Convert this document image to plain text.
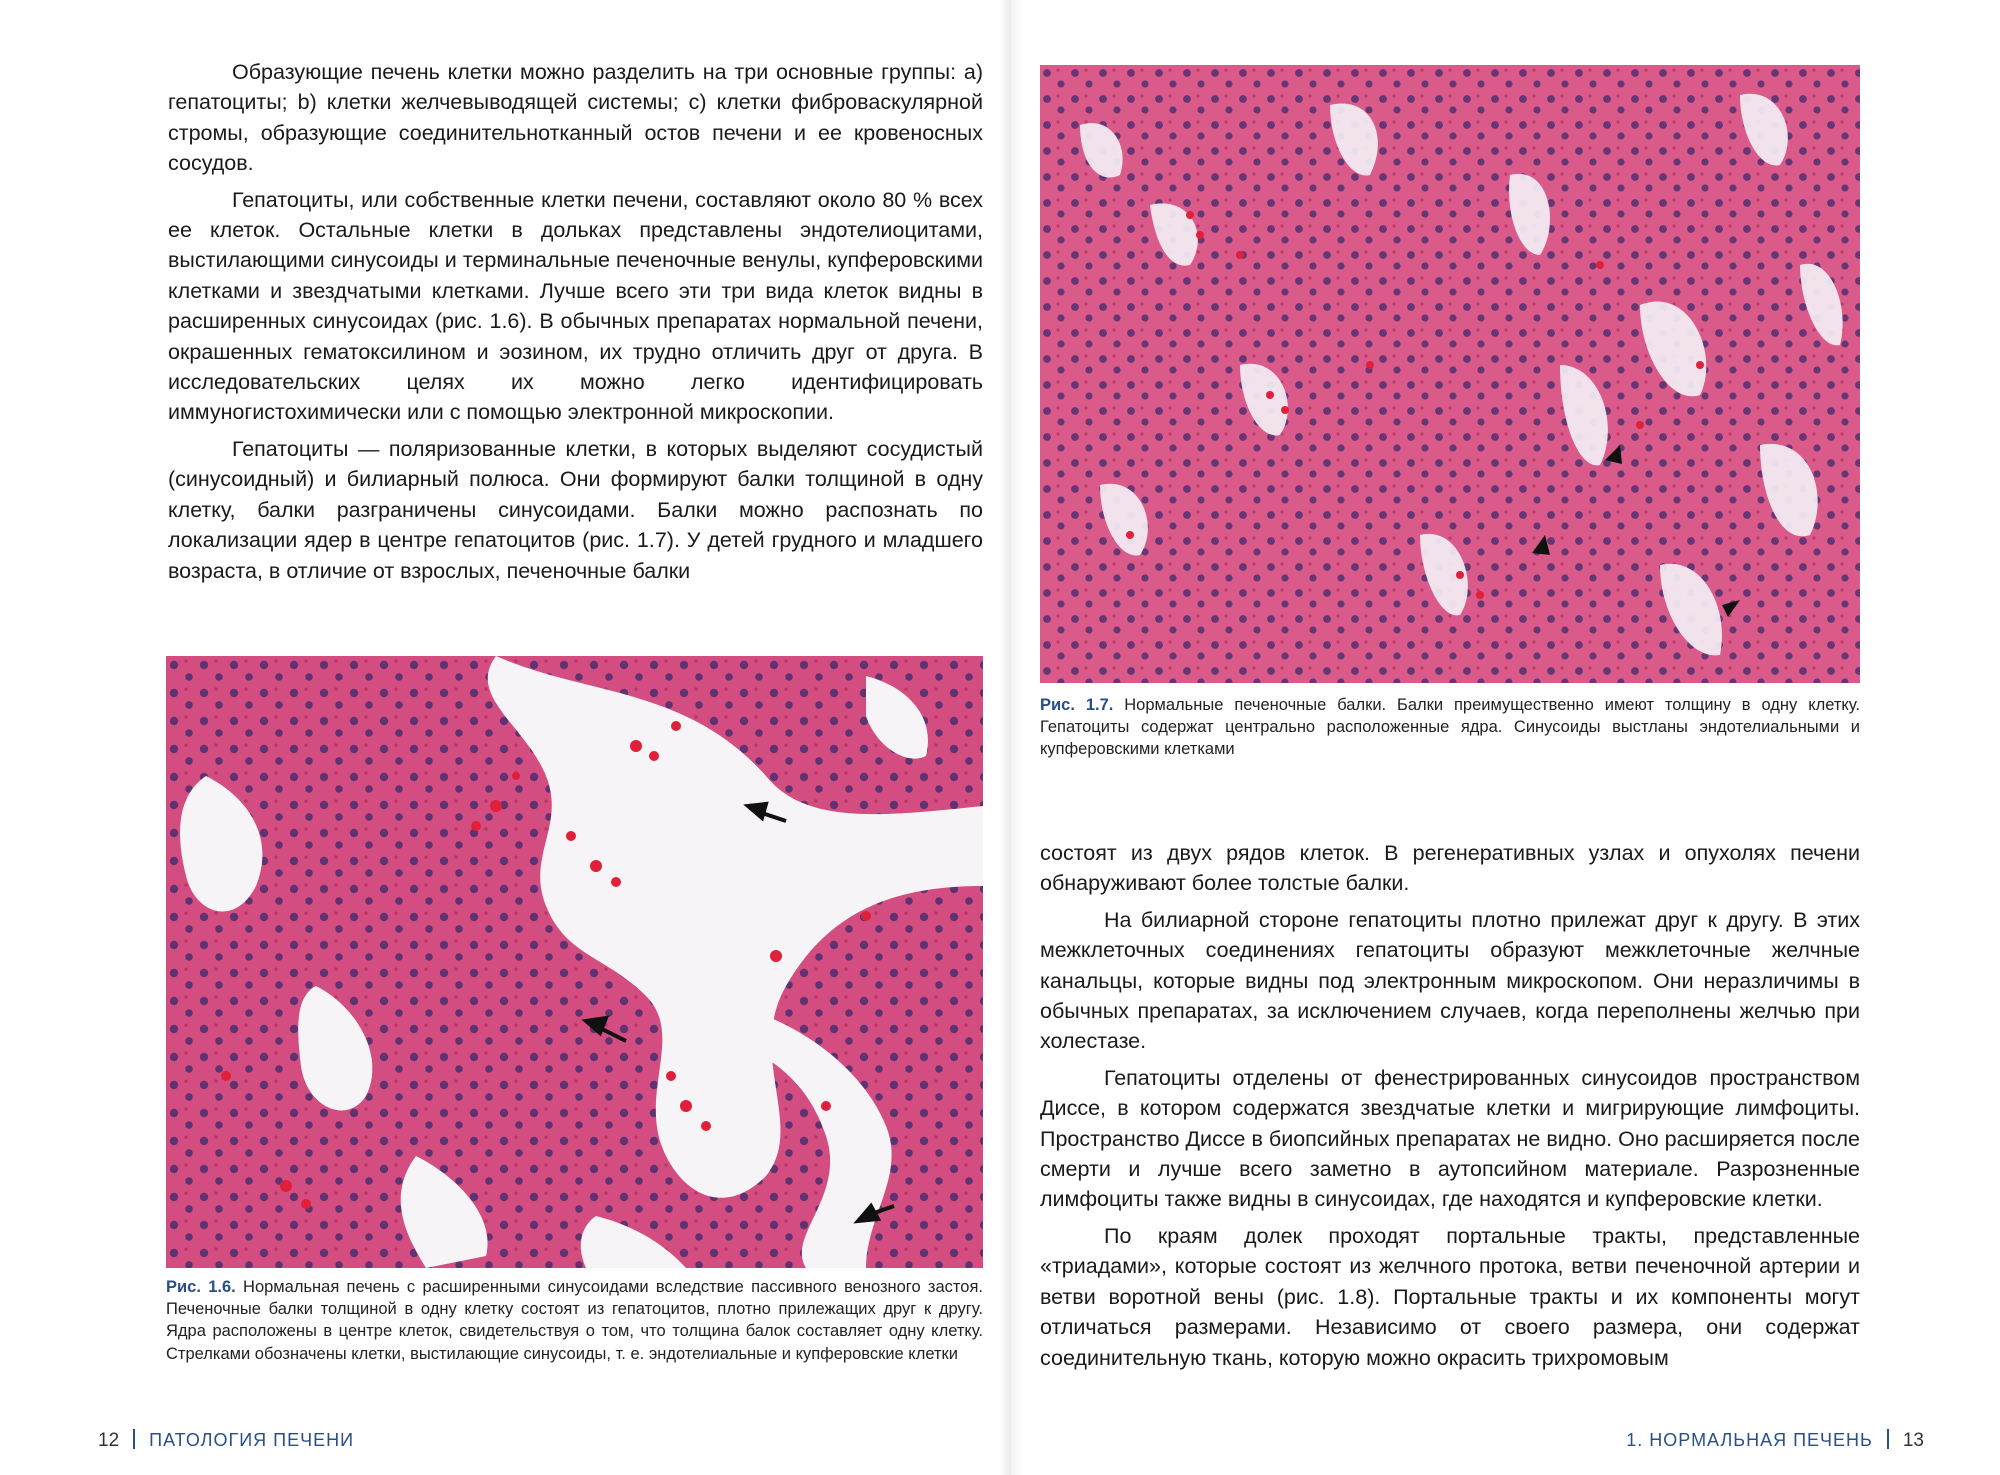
Образующие печень клетки можно разделить на три основные группы: a) гепатоциты; b) клетки желчевыводящей системы; c) клетки фиброваскулярной стромы, образующие соединительнотканный остов печени и ее кровеносных сосудов.

Гепатоциты, или собственные клетки печени, составляют около 80 % всех ее клеток. Остальные клетки в дольках представлены эндотелиоцитами, выстилающими синусоиды и терминальные печеночные венулы, купферовскими клетками и звездчатыми клетками. Лучше всего эти три вида клеток видны в расширенных синусоидах (рис. 1.6). В обычных препаратах нормальной печени, окрашенных гематоксилином и эозином, их трудно отличить друг от друга. В исследовательских целях их можно легко идентифицировать иммуногистохимически или с помощью электронной микроскопии.

Гепатоциты — поляризованные клетки, в которых выделяют сосудистый (синусоидный) и билиарный полюса. Они формируют балки толщиной в одну клетку, балки разграничены синусоидами. Балки можно распознать по локализации ядер в центре гепатоцитов (рис. 1.7). У детей грудного и младшего возраста, в отличие от взрослых, печеночные балки

Рис. 1.6. Нормальная печень с расширенными синусоидами вследствие пассивного венозного застоя. Печеночные балки толщиной в одну клетку состоят из гепатоцитов, плотно прилежащих друг к другу. Ядра расположены в центре клеток, свидетельствуя о том, что толщина балок составляет одну клетку. Стрелками обозначены клетки, выстилающие синусоиды, т. е. эндотелиальные и купферовские клетки
12 ПАТОЛОГИЯ ПЕЧЕНИ
Рис. 1.7. Нормальные печеночные балки. Балки преимущественно имеют толщину в одну клетку. Гепатоциты содержат центрально расположенные ядра. Синусоиды выстланы эндотелиальными и купферовскими клетками

состоят из двух рядов клеток. В регенеративных узлах и опухолях печени обнаруживают более толстые балки.

На билиарной стороне гепатоциты плотно прилежат друг к другу. В этих межклеточных соединениях гепатоциты образуют межклеточные желчные канальцы, которые видны под электронным микроскопом. Они неразличимы в обычных препаратах, за исключением случаев, когда переполнены желчью при холестазе.

Гепатоциты отделены от фенестрированных синусоидов пространством Диссе, в котором содержатся звездчатые клетки и мигрирующие лимфоциты. Пространство Диссе в биопсийных препаратах не видно. Оно расширяется после смерти и лучше всего заметно в аутопсийном материале. Разрозненные лимфоциты также видны в синусоидах, где находятся и купферовские клетки.

По краям долек проходят портальные тракты, представленные «триадами», которые состоят из желчного протока, ветви печеночной артерии и ветви воротной вены (рис. 1.8). Портальные тракты и их компоненты могут отличаться размерами. Независимо от своего размера, они содержат соединительную ткань, которую можно окрасить трихромовым

1. НОРМАЛЬНАЯ ПЕЧЕНЬ 13
